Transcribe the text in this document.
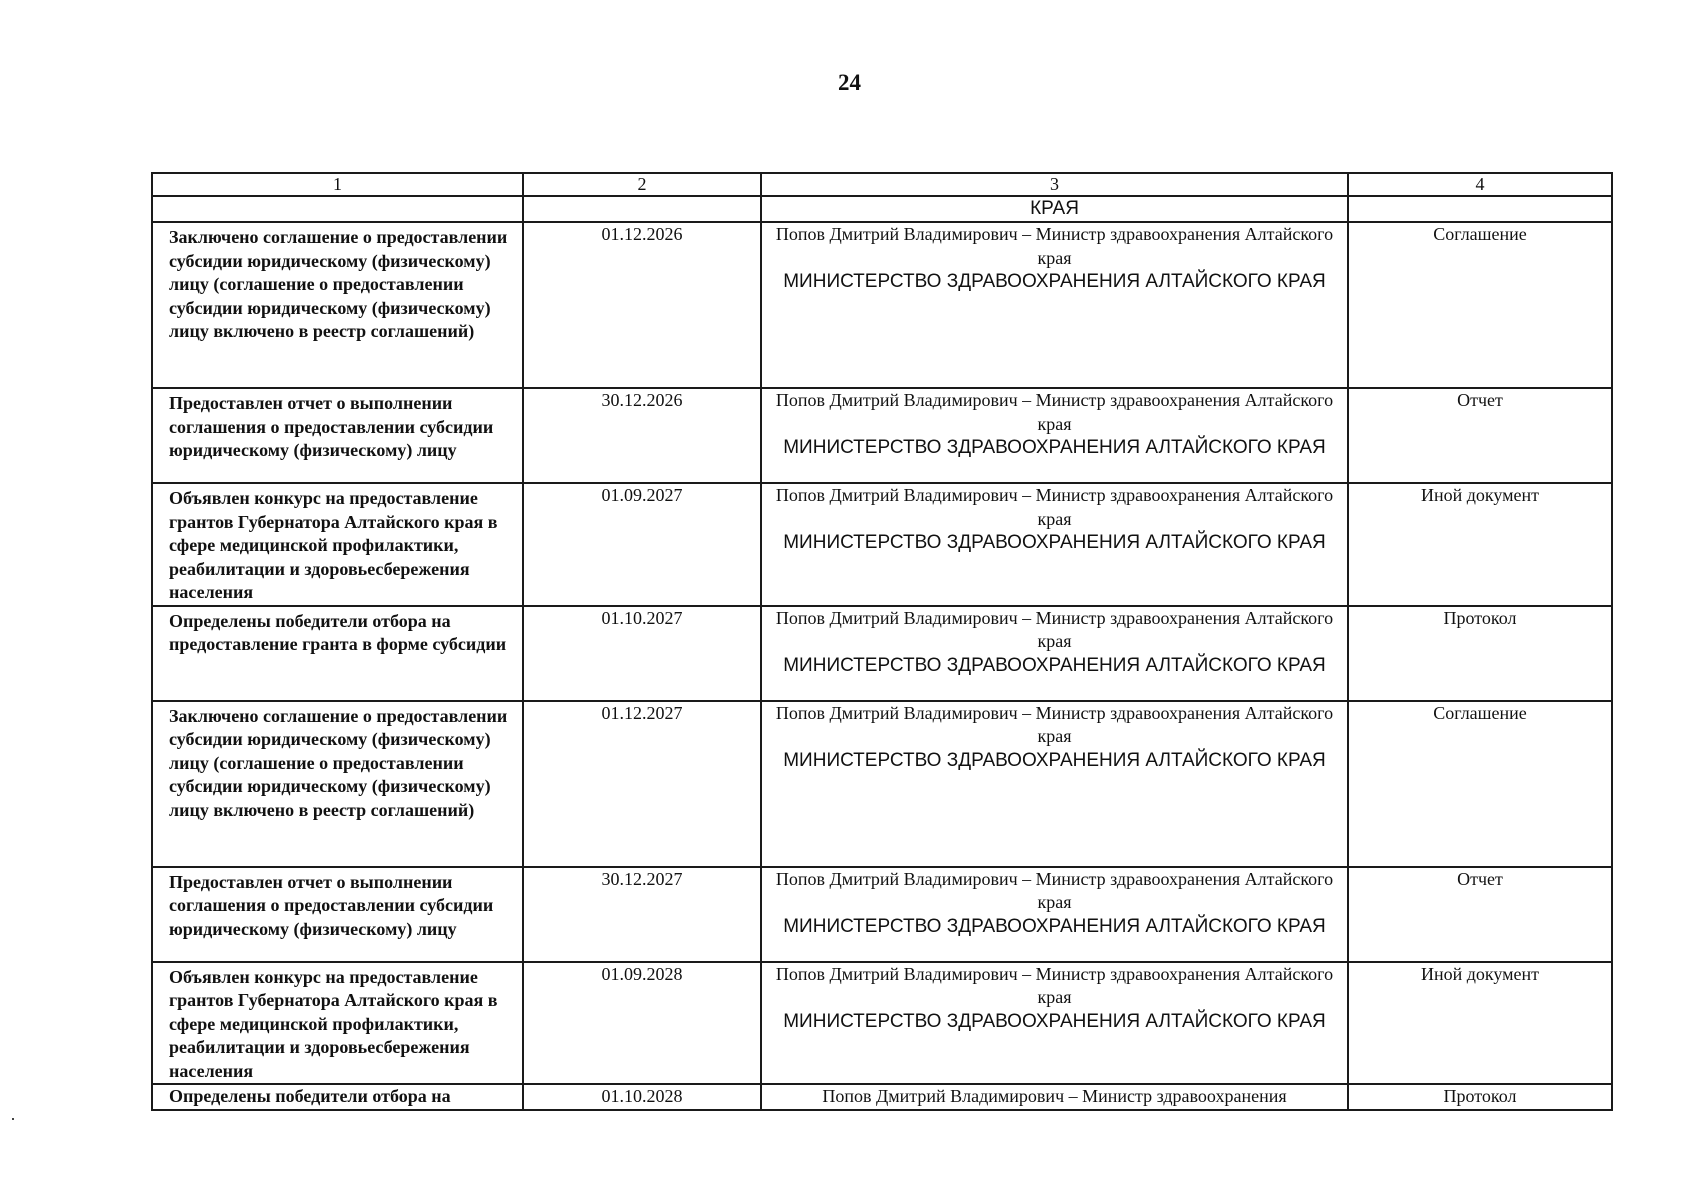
24
1	2	3	4

		КРАЯ	

Заключено соглашение о предоставлении субсидии юридическому (физическому) лицу (соглашение о предоставлении субсидии юридическому (физическому) лицу включено в реестр соглашений)	01.12.2026	Попов Дмитрий Владимирович – Министр здравоохранения Алтайского края
МИНИСТЕРСТВО ЗДРАВООХРАНЕНИЯ АЛТАЙСКОГО КРАЯ	Соглашение

Предоставлен отчет о выполнении соглашения о предоставлении субсидии юридическому (физическому) лицу	30.12.2026	Попов Дмитрий Владимирович – Министр здравоохранения Алтайского края
МИНИСТЕРСТВО ЗДРАВООХРАНЕНИЯ АЛТАЙСКОГО КРАЯ	Отчет

Объявлен конкурс на предоставление грантов Губернатора Алтайского края в сфере медицинской профилактики, реабилитации и здоровьесбережения населения	01.09.2027	Попов Дмитрий Владимирович – Министр здравоохранения Алтайского края
МИНИСТЕРСТВО ЗДРАВООХРАНЕНИЯ АЛТАЙСКОГО КРАЯ	Иной документ

Определены победители отбора на предоставление гранта в форме субсидии	01.10.2027	Попов Дмитрий Владимирович – Министр здравоохранения Алтайского края
МИНИСТЕРСТВО ЗДРАВООХРАНЕНИЯ АЛТАЙСКОГО КРАЯ	Протокол

Заключено соглашение о предоставлении субсидии юридическому (физическому) лицу (соглашение о предоставлении субсидии юридическому (физическому) лицу включено в реестр соглашений)	01.12.2027	Попов Дмитрий Владимирович – Министр здравоохранения Алтайского края
МИНИСТЕРСТВО ЗДРАВООХРАНЕНИЯ АЛТАЙСКОГО КРАЯ	Соглашение

Предоставлен отчет о выполнении соглашения о предоставлении субсидии юридическому (физическому) лицу	30.12.2027	Попов Дмитрий Владимирович – Министр здравоохранения Алтайского края
МИНИСТЕРСТВО ЗДРАВООХРАНЕНИЯ АЛТАЙСКОГО КРАЯ	Отчет

Объявлен конкурс на предоставление грантов Губернатора Алтайского края в сфере медицинской профилактики, реабилитации и здоровьесбережения населения	01.09.2028	Попов Дмитрий Владимирович – Министр здравоохранения Алтайского края
МИНИСТЕРСТВО ЗДРАВООХРАНЕНИЯ АЛТАЙСКОГО КРАЯ	Иной документ

Определены победители отбора на	01.10.2028	Попов Дмитрий Владимирович – Министр здравоохранения	Протокол
